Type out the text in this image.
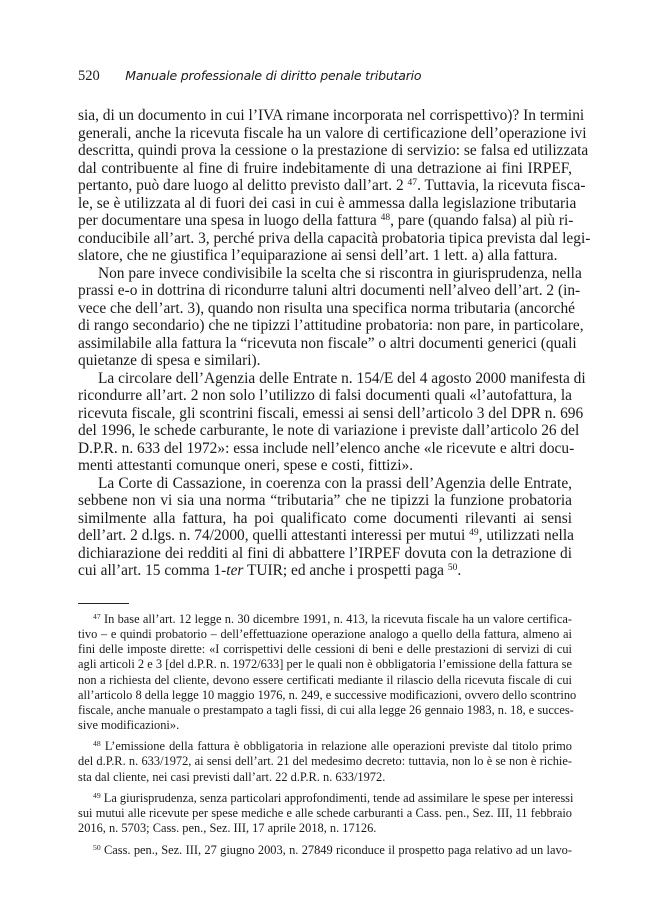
520 Manuale professionale di diritto penale tributario
sia, di un documento in cui l’IVA rimane incorporata nel corrispettivo)? In termini
generali, anche la ricevuta fiscale ha un valore di certificazione dell’operazione ivi
descritta, quindi prova la cessione o la prestazione di servizio: se falsa ed utilizzata
dal contribuente al fine di fruire indebitamente di una detrazione ai fini IRPEF,
pertanto, può dare luogo al delitto previsto dall’art. 2 $^{47}$. Tuttavia, la ricevuta fisca-
le, se è utilizzata al di fuori dei casi in cui è ammessa dalla legislazione tributaria
per documentare una spesa in luogo della fattura $^{48}$, pare (quando falsa) al più ri-
conducibile all’art. 3, perché priva della capacità probatoria tipica prevista dal legi-
slatore, che ne giustifica l’equiparazione ai sensi dell’art. 1 lett. a) alla fattura.
Non pare invece condivisibile la scelta che si riscontra in giurisprudenza, nella
prassi e-o in dottrina di ricondurre taluni altri documenti nell’alveo dell’art. 2 (in-
vece che dell’art. 3), quando non risulta una specifica norma tributaria (ancorché
di rango secondario) che ne tipizzi l’attitudine probatoria: non pare, in particolare,
assimilabile alla fattura la “ricevuta non fiscale” o altri documenti generici (quali
quietanze di spesa e similari).
La circolare dell’Agenzia delle Entrate n. 154/E del 4 agosto 2000 manifesta di
ricondurre all’art. 2 non solo l’utilizzo di falsi documenti quali «l’autofattura, la
ricevuta fiscale, gli scontrini fiscali, emessi ai sensi dell’articolo 3 del DPR n. 696
del 1996, le schede carburante, le note di variazione i previste dall’articolo 26 del
D.P.R. n. 633 del 1972»: essa include nell’elenco anche «le ricevute e altri docu-
menti attestanti comunque oneri, spese e costi, fittizi».
La Corte di Cassazione, in coerenza con la prassi dell’Agenzia delle Entrate,
sebbene non vi sia una norma “tributaria” che ne tipizzi la funzione probatoria
similmente alla fattura, ha poi qualificato come documenti rilevanti ai sensi
dell’art. 2 d.lgs. n. 74/2000, quelli attestanti interessi per mutui $^{49}$, utilizzati nella
dichiarazione dei redditi al fini di abbattere l’IRPEF dovuta con la detrazione di
cui all’art. 15 comma 1-ter TUIR; ed anche i prospetti paga $^{50}$.
$^{47}$ In base all’art. 12 legge n. 30 dicembre 1991, n. 413, la ricevuta fiscale ha un valore certifica-
tivo – e quindi probatorio – dell’effettuazione operazione analogo a quello della fattura, almeno ai
fini delle imposte dirette: «I corrispettivi delle cessioni di beni e delle prestazioni di servizi di cui
agli articoli 2 e 3 [del d.P.R. n. 1972/633] per le quali non è obbligatoria l’emissione della fattura se
non a richiesta del cliente, devono essere certificati mediante il rilascio della ricevuta fiscale di cui
all’articolo 8 della legge 10 maggio 1976, n. 249, e successive modificazioni, ovvero dello scontrino
fiscale, anche manuale o prestampato a tagli fissi, di cui alla legge 26 gennaio 1983, n. 18, e succes-
sive modificazioni».
$^{48}$ L’emissione della fattura è obbligatoria in relazione alle operazioni previste dal titolo primo
del d.P.R. n. 633/1972, ai sensi dell’art. 21 del medesimo decreto: tuttavia, non lo è se non è richie-
sta dal cliente, nei casi previsti dall’art. 22 d.P.R. n. 633/1972.
$^{49}$ La giurisprudenza, senza particolari approfondimenti, tende ad assimilare le spese per interessi
sui mutui alle ricevute per spese mediche e alle schede carburanti a Cass. pen., Sez. III, 11 febbraio
2016, n. 5703; Cass. pen., Sez. III, 17 aprile 2018, n. 17126.
$^{50}$ Cass. pen., Sez. III, 27 giugno 2003, n. 27849 riconduce il prospetto paga relativo ad un lavo-
